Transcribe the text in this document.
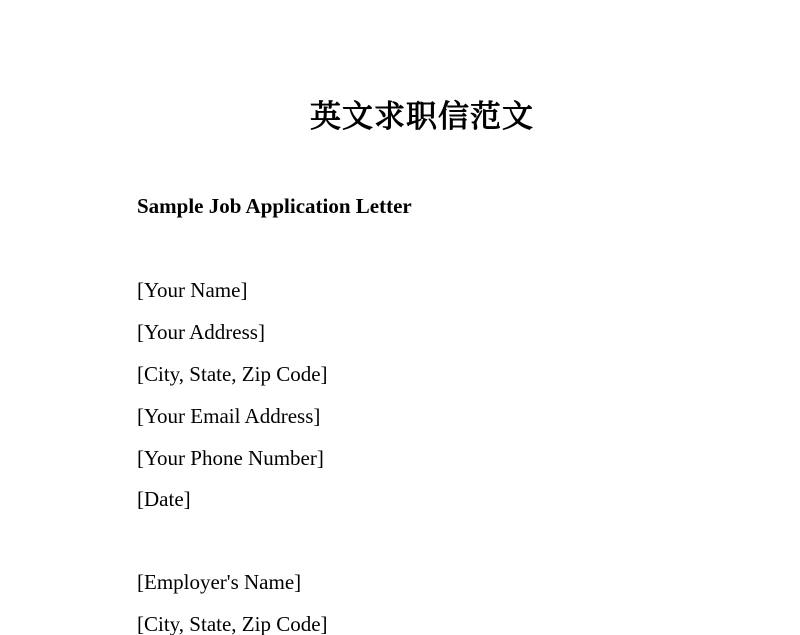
英文求职信范文
Sample Job Application Letter

[Your Name]

[Your Address]

[City, State, Zip Code]

[Your Email Address]

[Your Phone Number]

[Date]

[Employer's Name]

[City, State, Zip Code]
